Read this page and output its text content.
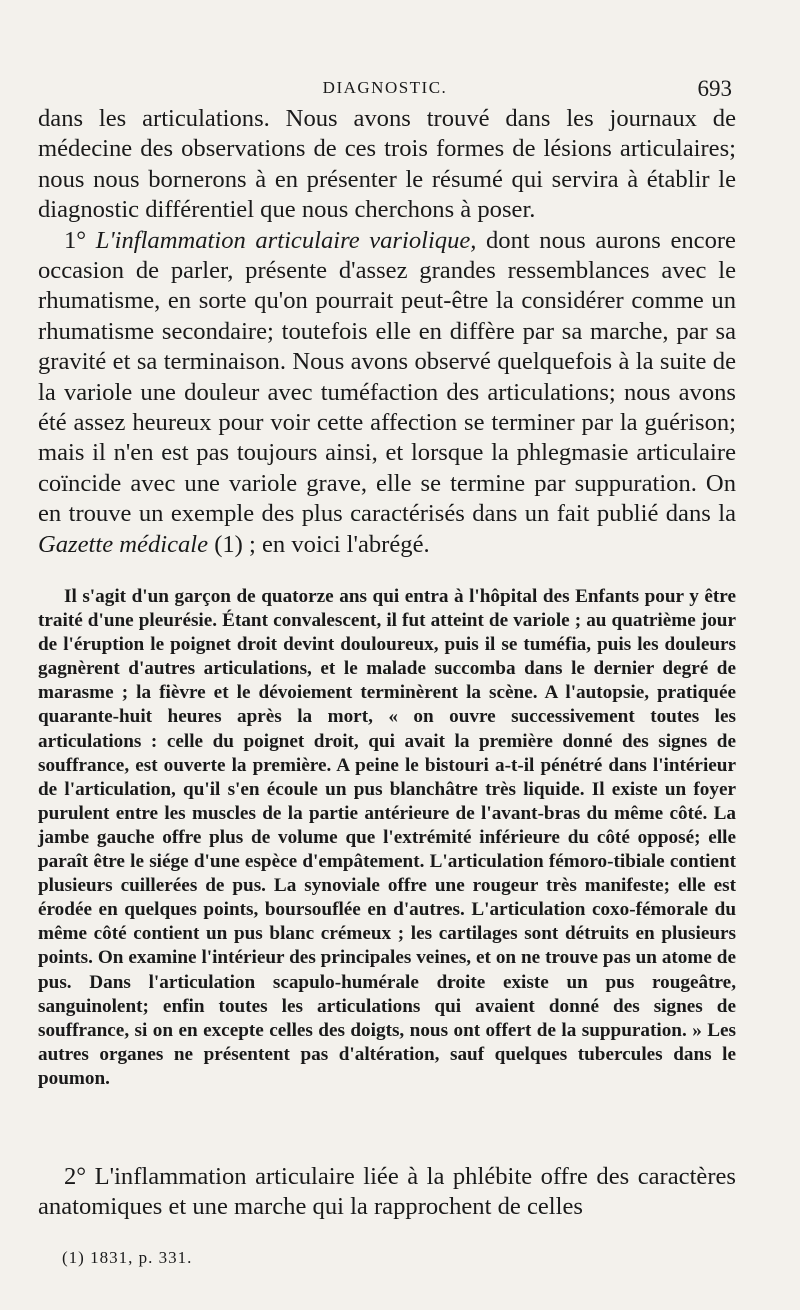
DIAGNOSTIC.	693

dans les articulations. Nous avons trouvé dans les journaux de médecine des observations de ces trois formes de lésions articulaires; nous nous bornerons à en présenter le résumé qui servira à établir le diagnostic différentiel que nous cherchons à poser.

1° L'inflammation articulaire variolique, dont nous aurons encore occasion de parler, présente d'assez grandes ressemblances avec le rhumatisme, en sorte qu'on pourrait peut-être la considérer comme un rhumatisme secondaire; toutefois elle en diffère par sa marche, par sa gravité et sa terminaison. Nous avons observé quelquefois à la suite de la variole une douleur avec tuméfaction des articulations; nous avons été assez heureux pour voir cette affection se terminer par la guérison; mais il n'en est pas toujours ainsi, et lorsque la phlegmasie articulaire coïncide avec une variole grave, elle se termine par suppuration. On en trouve un exemple des plus caractérisés dans un fait publié dans la Gazette médicale (1) ; en voici l'abrégé.

Il s'agit d'un garçon de quatorze ans qui entra à l'hôpital des Enfants pour y être traité d'une pleurésie. Étant convalescent, il fut atteint de variole ; au quatrième jour de l'éruption le poignet droit devint douloureux, puis il se tuméfia, puis les douleurs gagnèrent d'autres articulations, et le malade succomba dans le dernier degré de marasme ; la fièvre et le dévoiement terminèrent la scène. A l'autopsie, pratiquée quarante-huit heures après la mort, « on ouvre successivement toutes les articulations : celle du poignet droit, qui avait la première donné des signes de souffrance, est ouverte la première. A peine le bistouri a-t-il pénétré dans l'intérieur de l'articulation, qu'il s'en écoule un pus blanchâtre très liquide. Il existe un foyer purulent entre les muscles de la partie antérieure de l'avant-bras du même côté. La jambe gauche offre plus de volume que l'extrémité inférieure du côté opposé; elle paraît être le siége d'une espèce d'empâtement. L'articulation fémoro-tibiale contient plusieurs cuillerées de pus. La synoviale offre une rougeur très manifeste; elle est érodée en quelques points, boursouflée en d'autres. L'articulation coxo-fémorale du même côté contient un pus blanc crémeux ; les cartilages sont détruits en plusieurs points. On examine l'intérieur des principales veines, et on ne trouve pas un atome de pus. Dans l'articulation scapulo-humérale droite existe un pus rougeâtre, sanguinolent; enfin toutes les articulations qui avaient donné des signes de souffrance, si on en excepte celles des doigts, nous ont offert de la suppuration. » Les autres organes ne présentent pas d'altération, sauf quelques tubercules dans le poumon.

2° L'inflammation articulaire liée à la phlébite offre des caractères anatomiques et une marche qui la rapprochent de celles

(1) 1831, p. 331.
